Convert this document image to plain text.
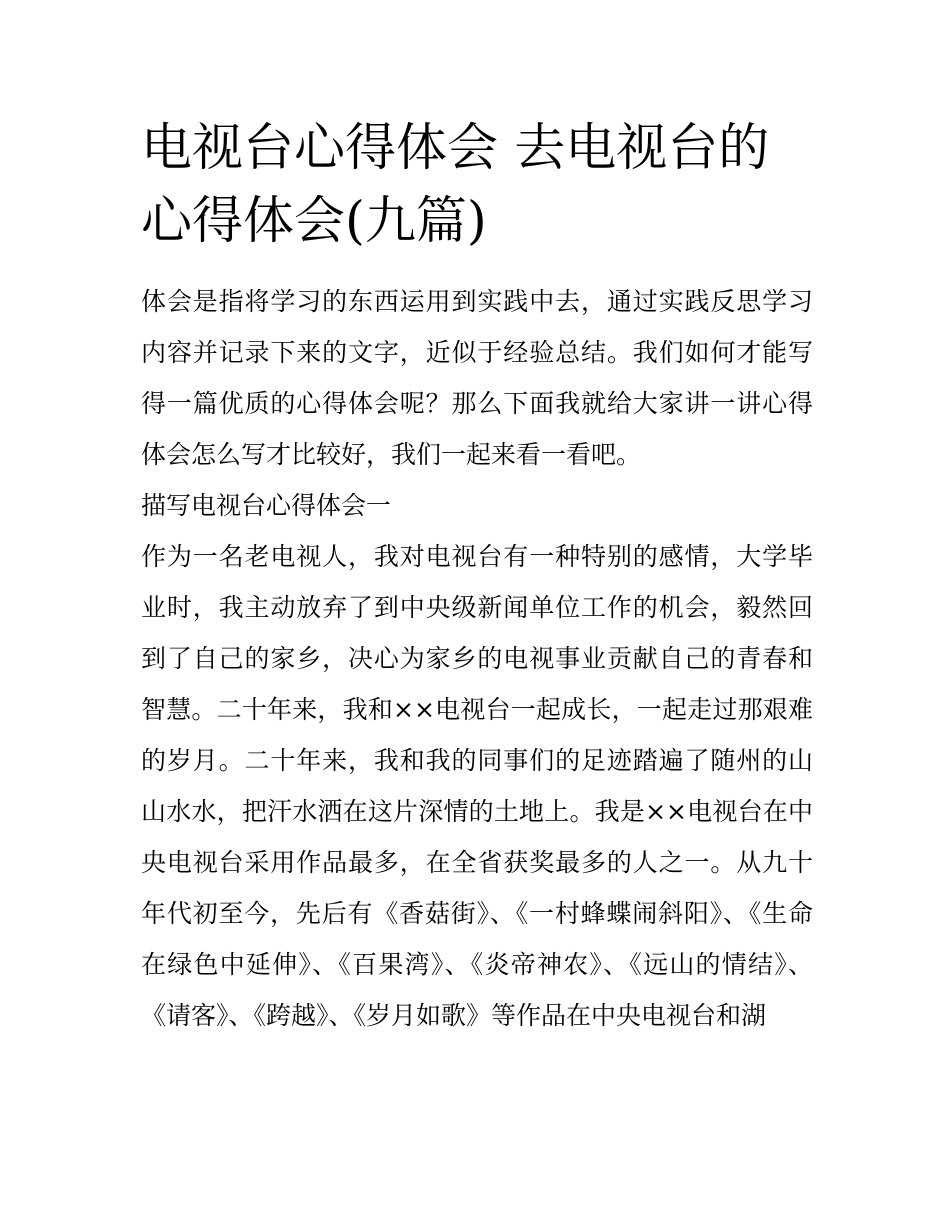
电视台心得体会 去电视台的心得体会(九篇)

体会是指将学习的东西运用到实践中去，通过实践反思学习内容并记录下来的文字，近似于经验总结。我们如何才能写得一篇优质的心得体会呢？那么下面我就给大家讲一讲心得体会怎么写才比较好，我们一起来看一看吧。

描写电视台心得体会一

作为一名老电视人，我对电视台有一种特别的感情，大学毕业时，我主动放弃了到中央级新闻单位工作的机会，毅然回到了自己的家乡，决心为家乡的电视事业贡献自己的青春和智慧。二十年来，我和××电视台一起成长，一起走过那艰难的岁月。二十年来，我和我的同事们的足迹踏遍了随州的山山水水，把汗水洒在这片深情的土地上。我是××电视台在中央电视台采用作品最多，在全省获奖最多的人之一。从九十年代初至今，先后有《香菇街》、《一村蜂蝶闹斜阳》、《生命在绿色中延伸》、《百果湾》、《炎帝神农》、《远山的情结》、《请客》、《跨越》、《岁月如歌》等作品在中央电视台和湖
